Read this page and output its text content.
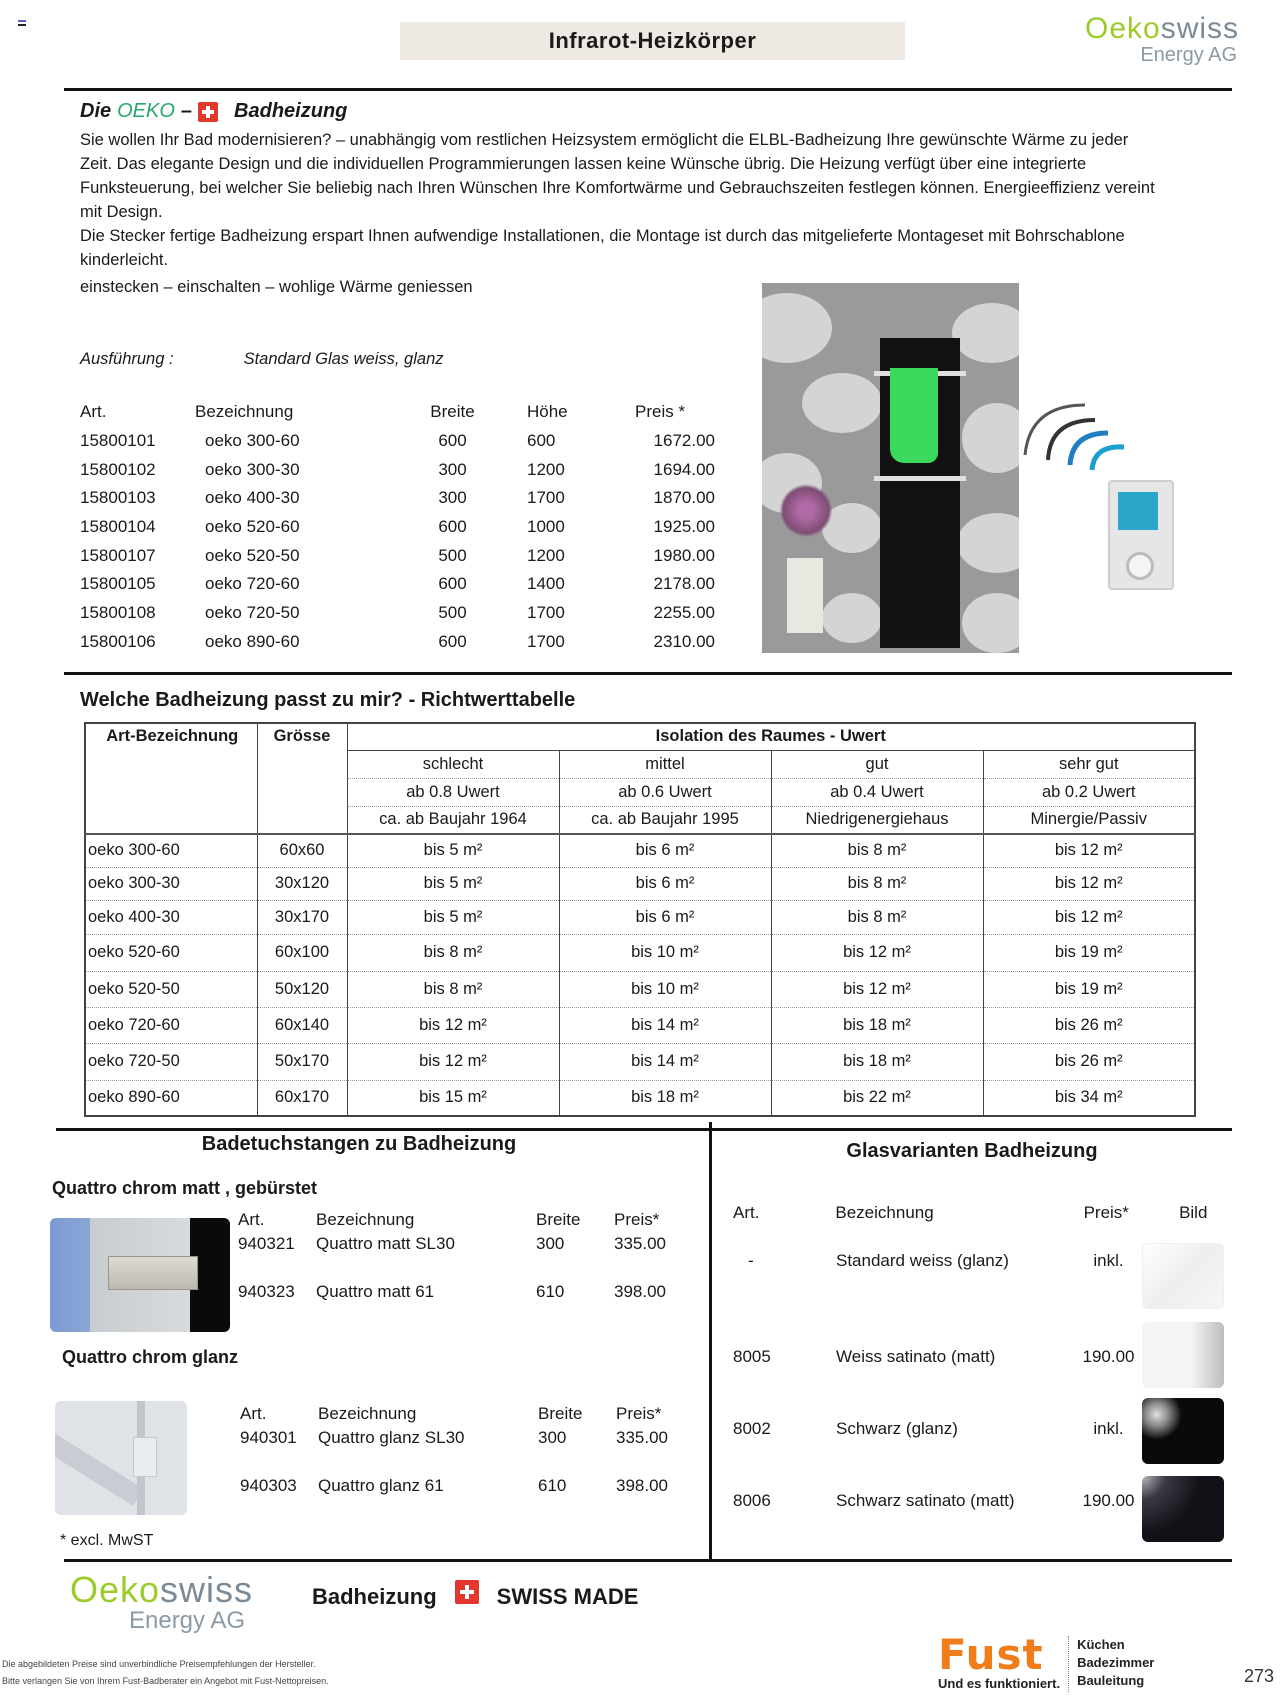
Infrarot-Heizkörper	Oekoswiss
Energy AG
Die OEKO – Badheizung

Sie wollen Ihr Bad modernisieren? – unabhängig vom restlichen Heizsystem ermöglicht die ELBL-Badheizung Ihre gewünschte Wärme zu jeder Zeit. Das elegante Design und die individuellen Programmierungen lassen keine Wünsche übrig. Die Heizung verfügt über eine integrierte Funksteuerung, bei welcher Sie beliebig nach Ihren Wünschen Ihre Komfortwärme und Gebrauchszeiten festlegen können. Energieeffizienz vereint mit Design.

Die Stecker fertige Badheizung erspart Ihnen aufwendige Installationen, die Montage ist durch das mitgelieferte Montageset mit Bohrschablone kinderleicht.

einstecken – einschalten – wohlige Wärme geniessen
Ausführung :	Standard Glas weiss, glanz
Art.	Bezeichnung	Breite	Höhe	Preis *
15800101	oeko 300-60	600	600	1672.00
15800102	oeko 300-30	300	1200	1694.00
15800103	oeko 400-30	300	1700	1870.00
15800104	oeko 520-60	600	1000	1925.00
15800107	oeko 520-50	500	1200	1980.00
15800105	oeko 720-60	600	1400	2178.00
15800108	oeko 720-50	500	1700	2255.00
15800106	oeko 890-60	600	1700	2310.00
Welche Badheizung passt zu mir? - Richtwerttabelle
Art-Bezeichnung	Grösse	Isolation des Raumes - Uwert			
		schlecht	mittel	gut	sehr gut
		ab 0.8 Uwert	ab 0.6 Uwert	ab 0.4 Uwert	ab 0.2 Uwert
		ca. ab Baujahr 1964	ca. ab Baujahr 1995	Niedrigenergiehaus	Minergie/Passiv
oeko 300-60	60x60	bis 5 m²	bis 6 m²	bis 8 m²	bis 12 m²
oeko 300-30	30x120	bis 5 m²	bis 6 m²	bis 8 m²	bis 12 m²
oeko 400-30	30x170	bis 5 m²	bis 6 m²	bis 8 m²	bis 12 m²
oeko 520-60	60x100	bis 8 m²	bis 10 m²	bis 12 m²	bis 19 m²
oeko 520-50	50x120	bis 8 m²	bis 10 m²	bis 12 m²	bis 19 m²
oeko 720-60	60x140	bis 12 m²	bis 14 m²	bis 18 m²	bis 26 m²
oeko 720-50	50x170	bis 12 m²	bis 14 m²	bis 18 m²	bis 26 m²
oeko 890-60	60x170	bis 15 m²	bis 18 m²	bis 22 m²	bis 34 m²
Badetuchstangen zu Badheizung
Quattro chrom matt , gebürstet
Art.	Bezeichnung	Breite	Preis*
940321	Quattro matt SL30	300	335.00
940323	Quattro matt 61	610	398.00
Quattro chrom glanz
Art.	Bezeichnung	Breite	Preis*
940301	Quattro glanz SL30	300	335.00
940303	Quattro glanz 61	610	398.00
* excl. MwST
Glasvarianten Badheizung
Art.	Bezeichnung	Preis*	Bild
-	Standard weiss (glanz)	inkl.
8005	Weiss satinato (matt)	190.00
8002	Schwarz (glanz)	inkl.
8006	Schwarz satinato (matt)	190.00
Oekoswiss
Energy AG
Badheizung	SWISS MADE
Die abgebildeten Preise sind unverbindliche Preisempfehlungen der Hersteller.
Bitte verlangen Sie von Ihrem Fust-Badberater ein Angebot mit Fust-Nettopreisen.
Fust
Und es funktioniert.
Küchen
Badezimmer
Bauleitung	273
